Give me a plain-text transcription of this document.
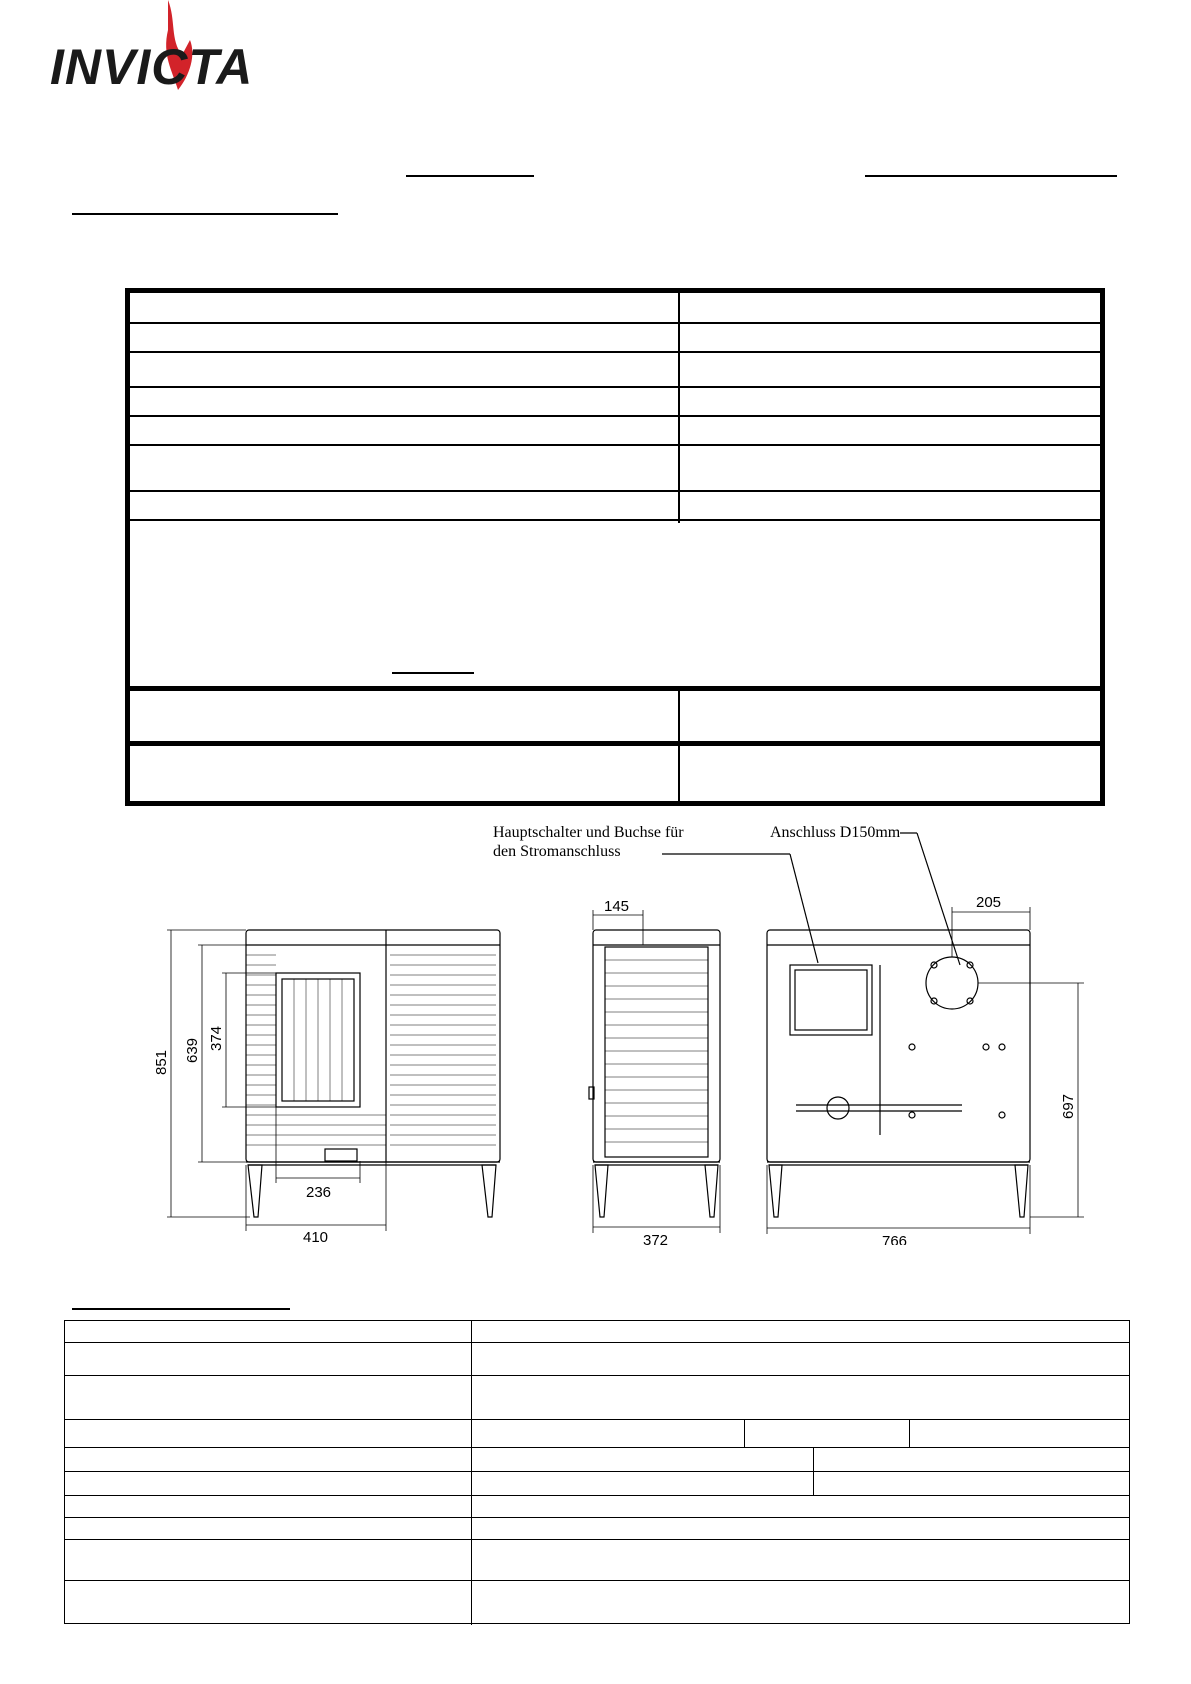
INVICTA
Hauptschalter und Buchse für
den Stromanschluss
Anschluss D150mm
851 639 374
236
410
145
372
205
697
766
